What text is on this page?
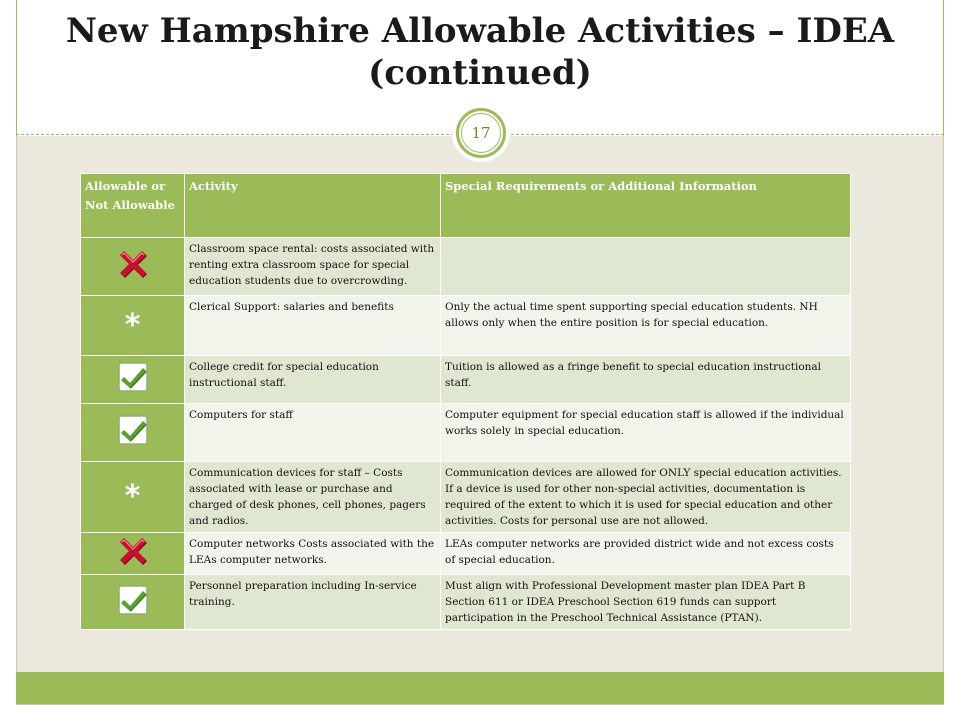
New Hampshire Allowable Activities – IDEA (continued)
17
Allowable or Not Allowable	Activity	Special Requirements or Additional Information
	Classroom space rental: costs associated with renting extra classroom space for special education students due to overcrowding.	
*	Clerical Support: salaries and benefits	Only the actual time spent supporting special education students. NH allows only when the entire position is for special education.
	College credit for special education instructional staff.	Tuition is allowed as a fringe benefit to special education instructional staff.
	Computers for staff	Computer equipment for special education staff is allowed if the individual works solely in special education.
*	Communication devices for staff – Costs associated with lease or purchase and charged of desk phones, cell phones, pagers and radios.	Communication devices are allowed for ONLY special education activities. If a device is used for other non-special activities, documentation is required of the extent to which it is used for special education and other activities. Costs for personal use are not allowed.
	Computer networks Costs associated with the LEAs computer networks.	LEAs computer networks are provided district wide and not excess costs of special education.
	Personnel preparation including In-service training.	Must align with Professional Development master plan IDEA Part B Section 611 or IDEA Preschool Section 619 funds can support participation in the Preschool Technical Assistance (PTAN).
